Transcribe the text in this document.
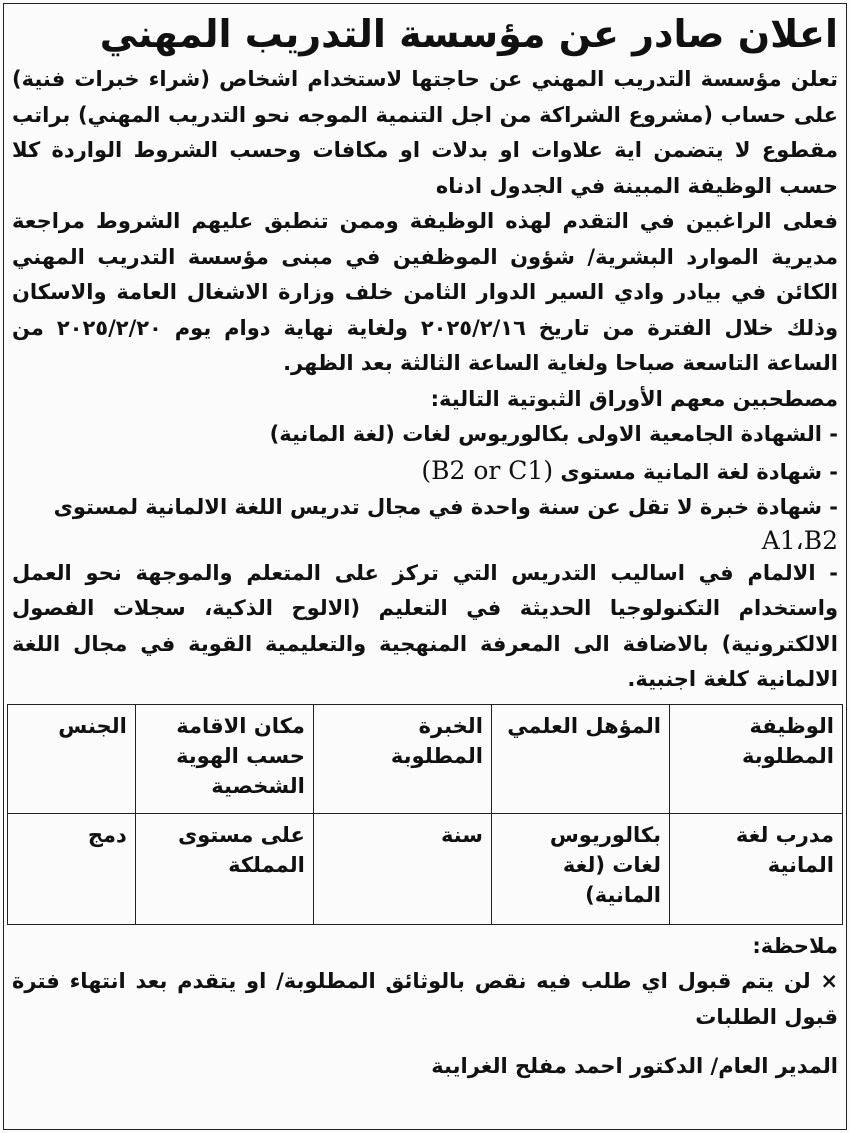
اعلان صادر عن مؤسسة التدريب المهني

تعلن مؤسسة التدريب المهني عن حاجتها لاستخدام اشخاص (شراء خبرات فنية) على حساب (مشروع الشراكة من اجل التنمية الموجه نحو التدريب المهني) براتب مقطوع لا يتضمن اية علاوات او بدلات او مكافات وحسب الشروط الواردة كلا حسب الوظيفة المبينة في الجدول ادناه

فعلى الراغبين في التقدم لهذه الوظيفة وممن تنطبق عليهم الشروط مراجعة مديرية الموارد البشرية/ شؤون الموظفين في مبنى مؤسسة التدريب المهني الكائن في بيادر وادي السير الدوار الثامن خلف وزارة الاشغال العامة والاسكان وذلك خلال الفترة من تاريخ ٢٠٢٥/٢/١٦ ولغاية نهاية دوام يوم ٢٠٢٥/٢/٢٠ من الساعة التاسعة صباحا ولغاية الساعة الثالثة بعد الظهر.

مصطحبين معهم الأوراق الثبوتية التالية:

- الشهادة الجامعية الاولى بكالوريوس لغات (لغة المانية)

- شهادة لغة المانية مستوى (B2 or C1)

- شهادة خبرة لا تقل عن سنة واحدة في مجال تدريس اللغة الالمانية لمستوى

A1،B2

- الالمام في اساليب التدريس التي تركز على المتعلم والموجهة نحو العمل واستخدام التكنولوجيا الحديثة في التعليم (الالوح الذكية، سجلات الفصول الالكترونية) بالاضافة الى المعرفة المنهجية والتعليمية القوية في مجال اللغة الالمانية كلغة اجنبية.

الوظيفة المطلوبة	المؤهل العلمي	الخبرة المطلوبة	مكان الاقامة حسب الهوية الشخصية	الجنس
مدرب لغة المانية	بكالوريوس لغات (لغة المانية)	سنة	على مستوى المملكة	دمج

ملاحظة:

× لن يتم قبول اي طلب فيه نقص بالوثائق المطلوبة/ او يتقدم بعد انتهاء فترة قبول الطلبات

المدير العام/ الدكتور احمد مفلح الغرايبة
